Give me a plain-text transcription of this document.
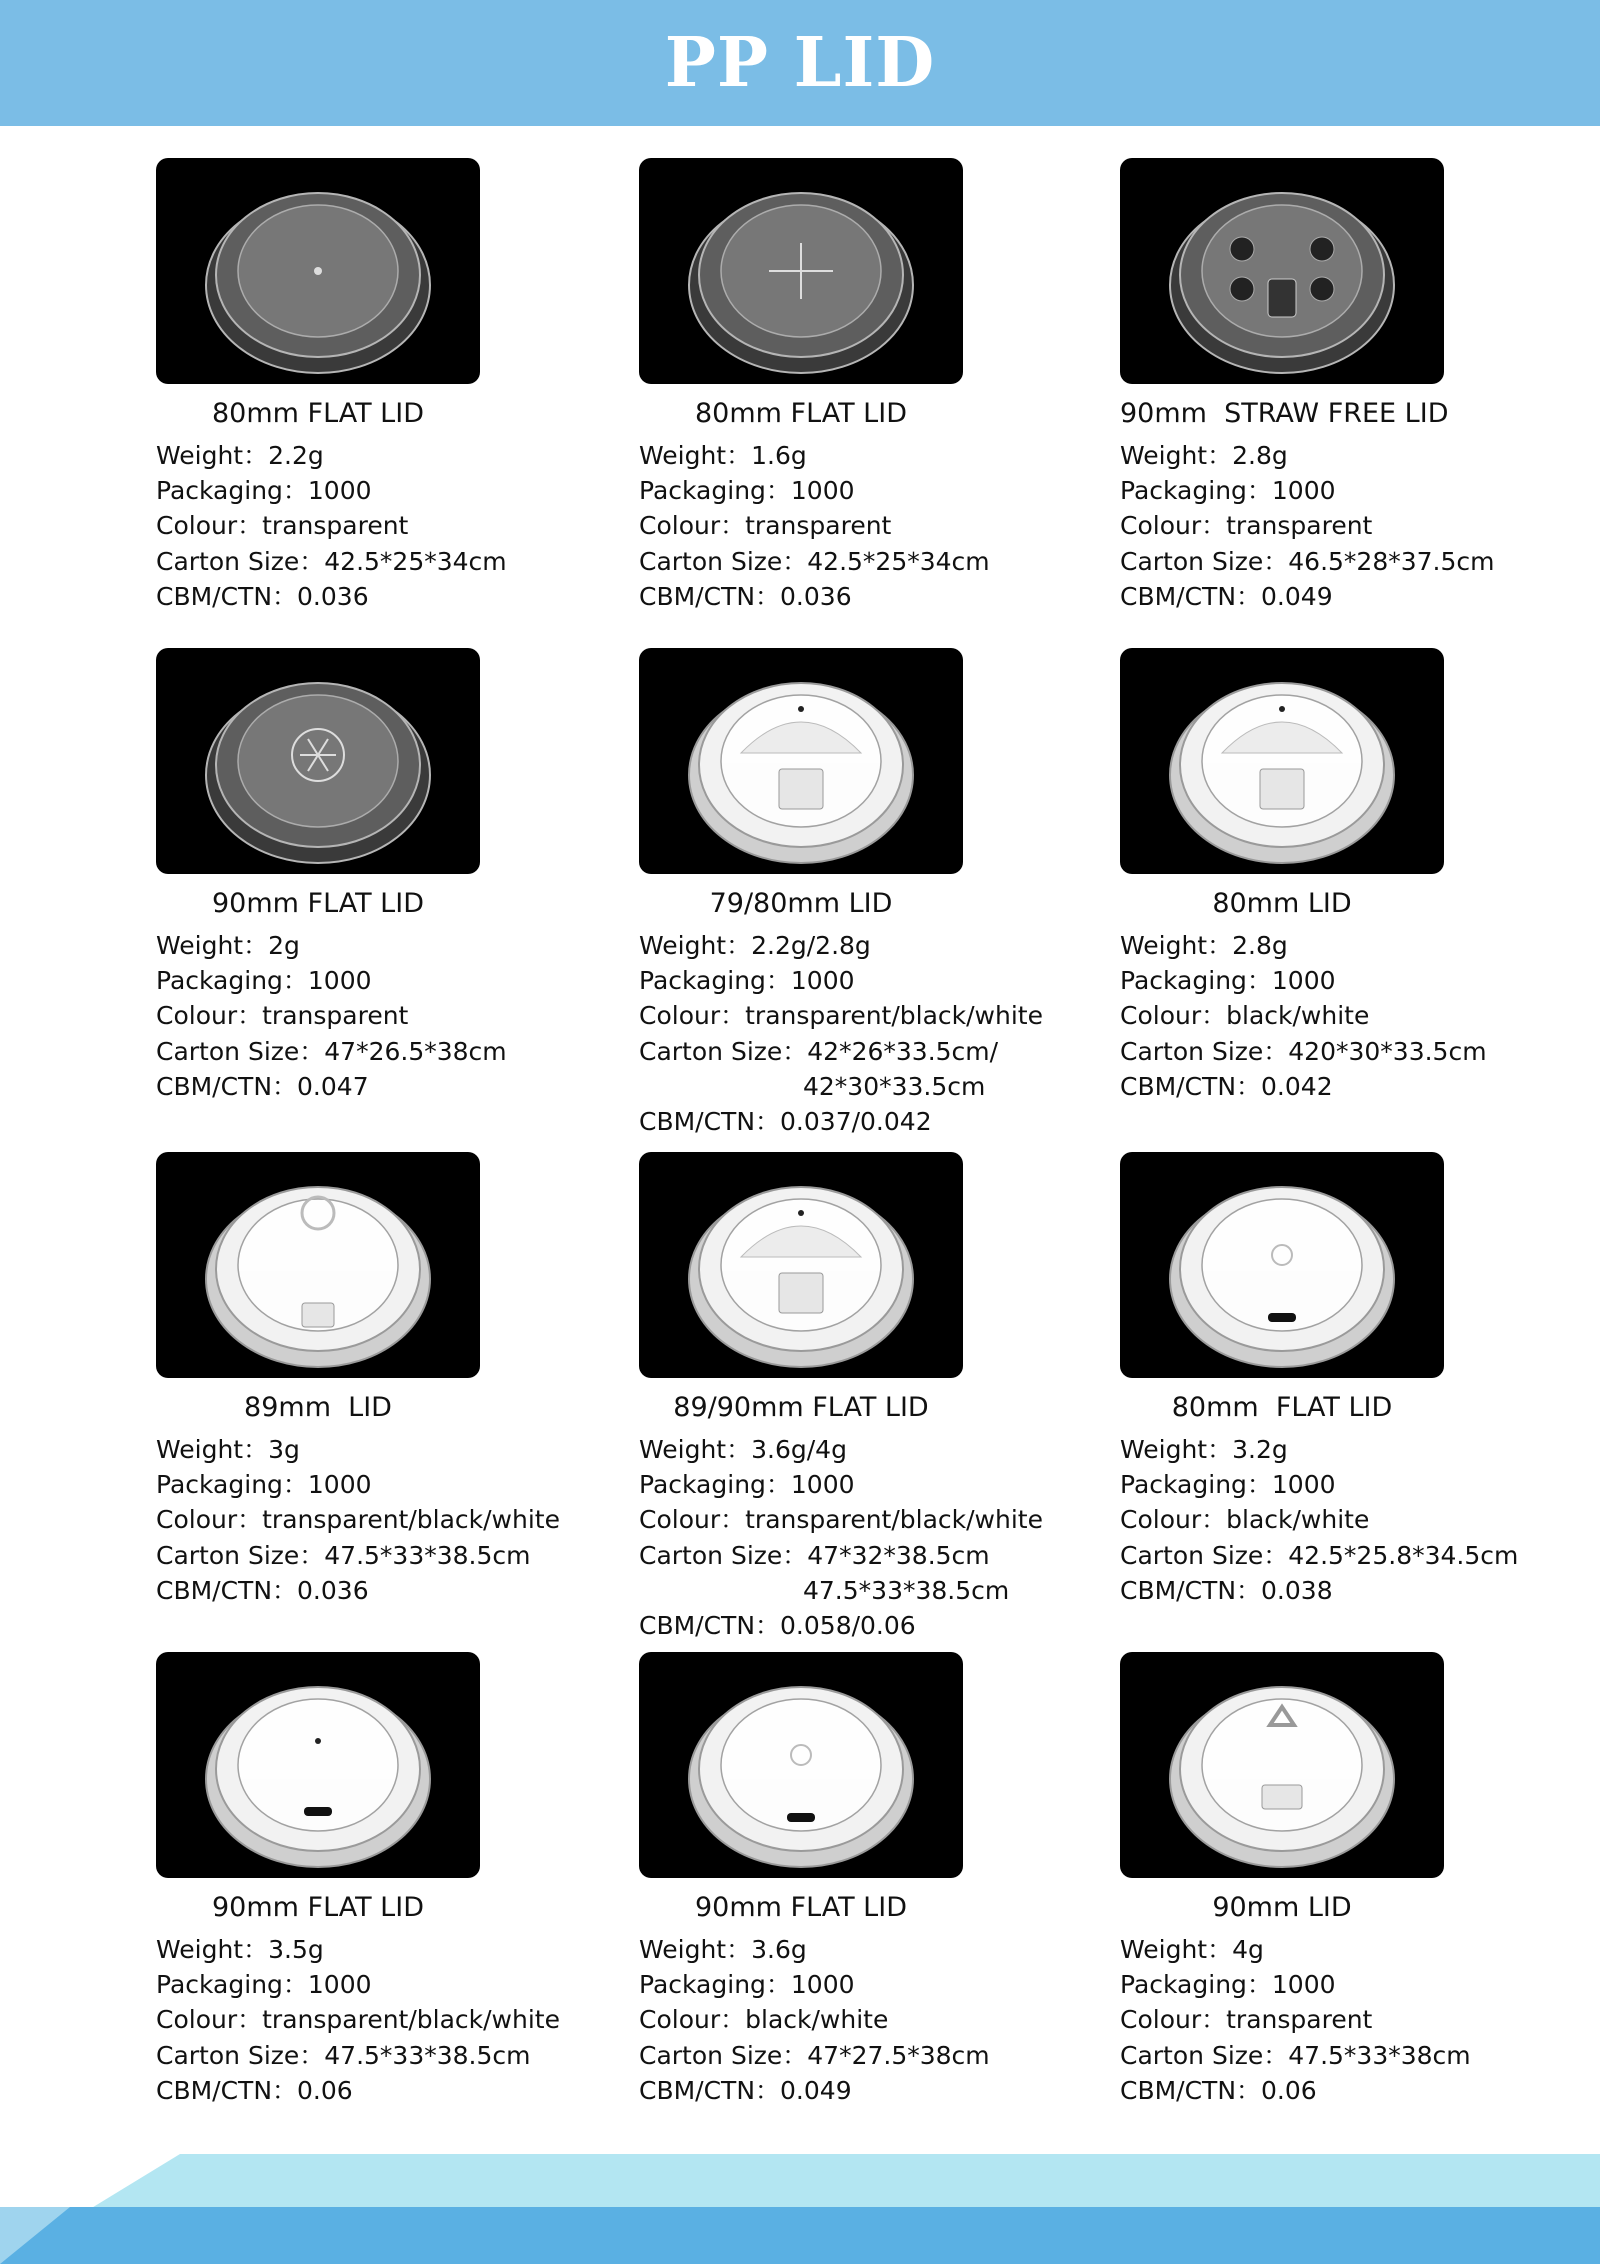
PP LID
80mm FLAT LID
Weight： 2.2g
Packaging： 1000
Colour： transparent
Carton Size： 42.5*25*34cm
CBM/CTN： 0.036
80mm FLAT LID
Weight： 1.6g
Packaging： 1000
Colour： transparent
Carton Size： 42.5*25*34cm
CBM/CTN： 0.036
90mm  STRAW FREE LID
Weight： 2.8g
Packaging： 1000
Colour： transparent
Carton Size： 46.5*28*37.5cm
CBM/CTN： 0.049
90mm FLAT LID
Weight： 2g
Packaging： 1000
Colour： transparent
Carton Size： 47*26.5*38cm
CBM/CTN： 0.047
79/80mm LID
Weight： 2.2g/2.8g
Packaging： 1000
Colour： transparent/black/white
Carton Size： 42*26*33.5cm/
42*30*33.5cm
CBM/CTN： 0.037/0.042
80mm LID
Weight： 2.8g
Packaging： 1000
Colour： black/white
Carton Size： 420*30*33.5cm
CBM/CTN： 0.042
89mm  LID
Weight： 3g
Packaging： 1000
Colour： transparent/black/white
Carton Size： 47.5*33*38.5cm
CBM/CTN： 0.036
89/90mm FLAT LID
Weight： 3.6g/4g
Packaging： 1000
Colour： transparent/black/white
Carton Size： 47*32*38.5cm
47.5*33*38.5cm
CBM/CTN： 0.058/0.06
80mm  FLAT LID
Weight： 3.2g
Packaging： 1000
Colour： black/white
Carton Size： 42.5*25.8*34.5cm
CBM/CTN： 0.038
90mm FLAT LID
Weight： 3.5g
Packaging： 1000
Colour： transparent/black/white
Carton Size： 47.5*33*38.5cm
CBM/CTN： 0.06
90mm FLAT LID
Weight： 3.6g
Packaging： 1000
Colour： black/white
Carton Size： 47*27.5*38cm
CBM/CTN： 0.049
90mm LID
Weight： 4g
Packaging： 1000
Colour： transparent
Carton Size： 47.5*33*38cm
CBM/CTN： 0.06
